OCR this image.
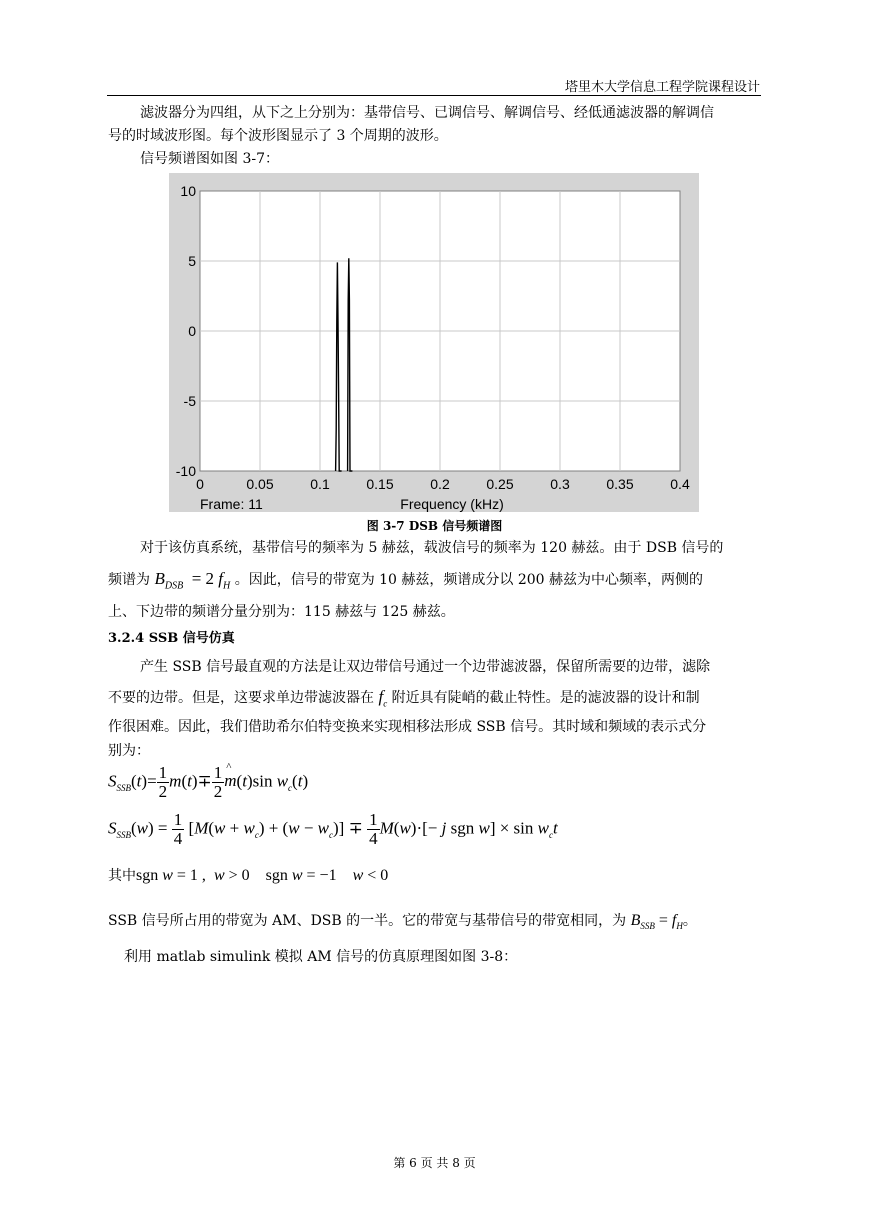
塔里木大学信息工程学院课程设计
滤波器分为四组，从下之上分别为：基带信号、已调信号、解调信号、经低通滤波器的解调信
号的时域波形图。每个波形图显示了 3 个周期的波形。
信号频谱图如图 3-7：
0	0.05	0.1	0.15	0.2	0.25	0.3	0.35	0.4
10
5
0
-5
-10
Frame: 11	Frequency (kHz)
图 3-7 DSB 信号频谱图
对于该仿真系统，基带信号的频率为 5 赫兹，载波信号的频率为 120 赫兹。由于 DSB 信号的
频谱为 $B_{DSB} = 2$ $f_H$ 。因此，信号的带宽为 10 赫兹，频谱成分以 200 赫兹为中心频率，两侧的
上、下边带的频谱分量分别为：115 赫兹与 125 赫兹。
3.2.4 SSB 信号仿真
产生 SSB 信号最直观的方法是让双边带信号通过一个边带滤波器，保留所需要的边带，滤除
不要的边带。但是，这要求单边带滤波器在 $f_c$ 附近具有陡峭的截止特性。是的滤波器的设计和制
作很困难。因此，我们借助希尔伯特变换来实现相移法形成 SSB 信号。其时域和频域的表示式分
别为：
$S_{SSB}(t)= \frac{1}{2} m(t)\mp \frac{1}{2}$ m
^
(t)sin $w_c(t)$
$S_{SSB}(w) = \frac{1}{4} [M(w + w_c) + (w - w_c)] \mp \frac{1}{4} M(w)\cdot[- j$ sgn $w] \times \sin w_ct$
其中sgn w = 1 ,  w > 0    sgn w = −1    w < 0
SSB 信号所占用的带宽为 AM、DSB 的一半。它的带宽与基带信号的带宽相同，为 $B_{SSB} = f_H$。
利用 matlab simulink 模拟 AM 信号的仿真原理图如图 3-8：
第 6 页 共 8 页
